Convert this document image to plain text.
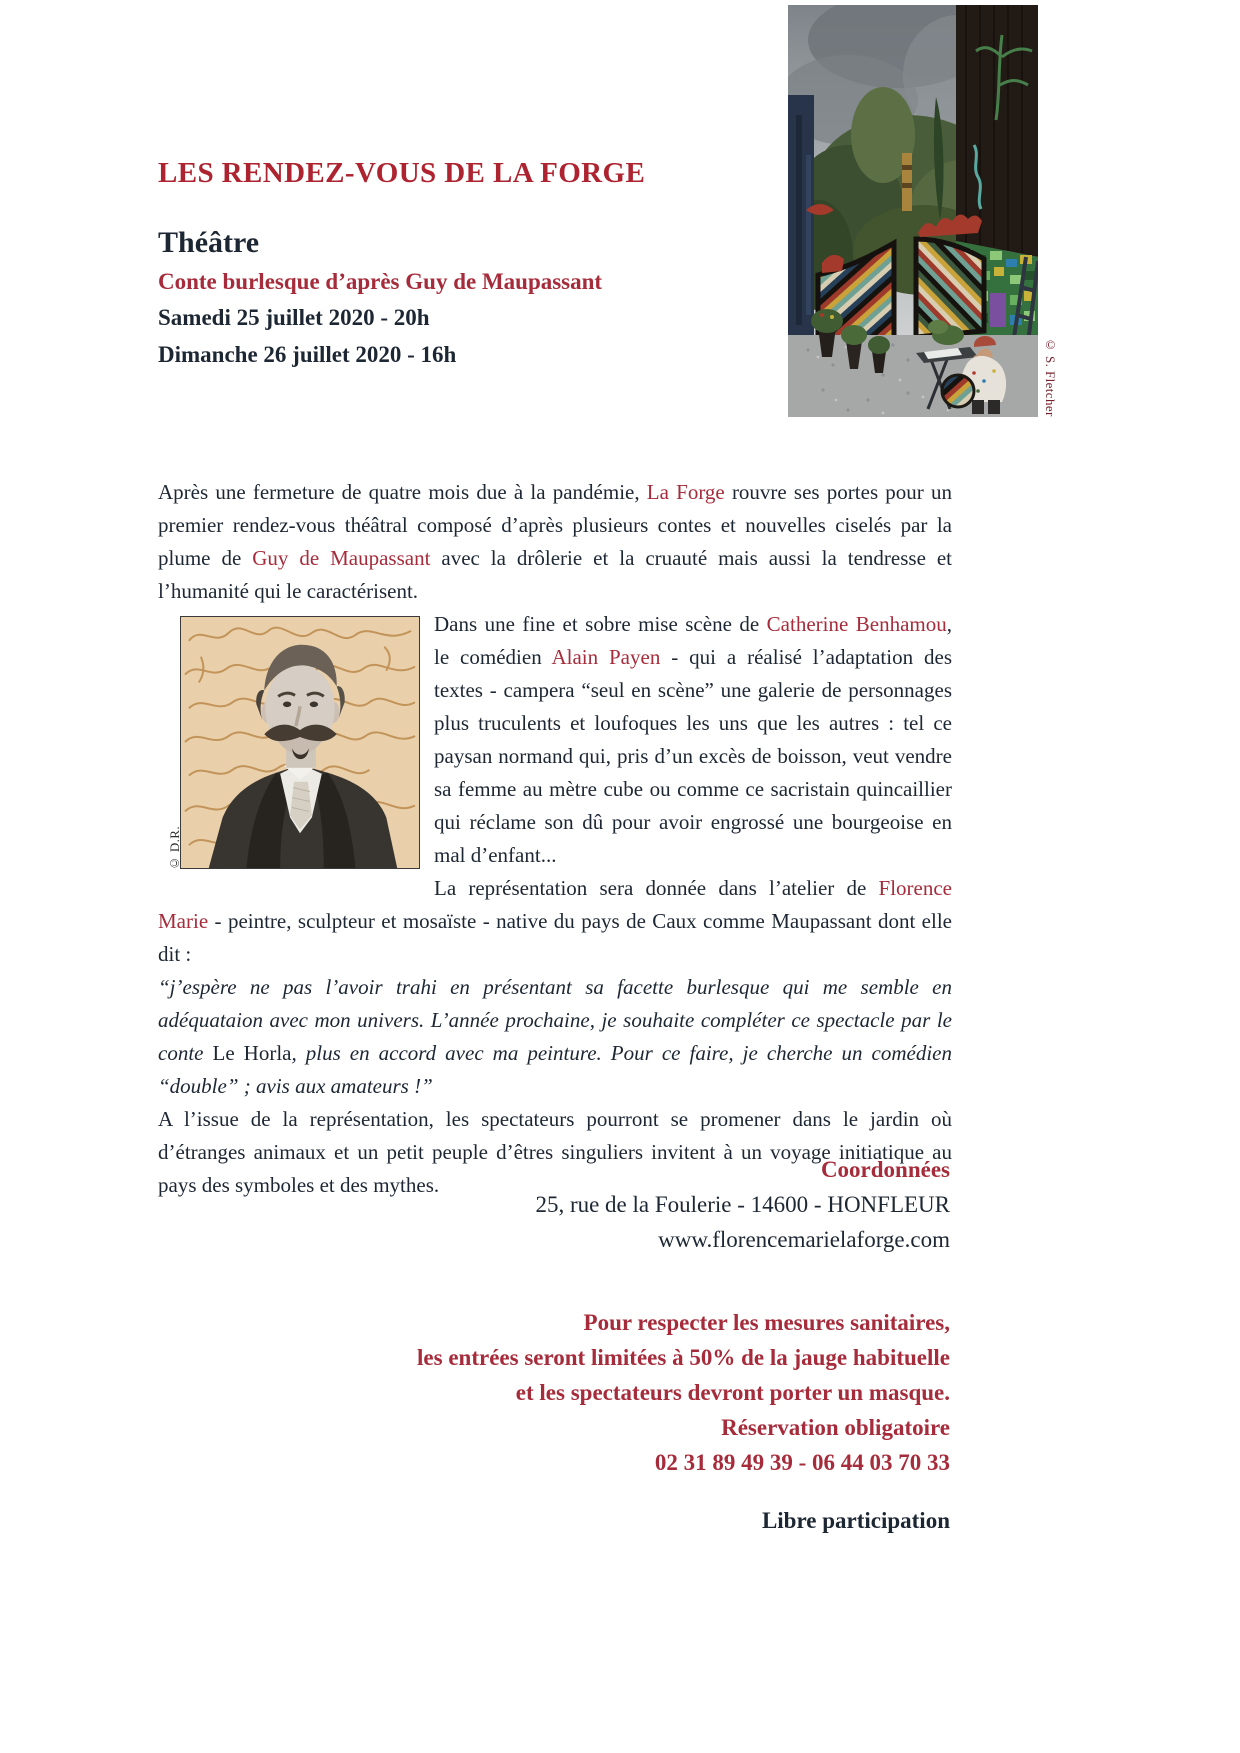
LES RENDEZ-VOUS DE LA FORGE
Théâtre
Conte burlesque d’après Guy de Maupassant
Samedi 25 juillet 2020 - 20h
Dimanche 26 juillet 2020 - 16h	© S. Fletcher

Après une fermeture de quatre mois due à la pandémie, La Forge rouvre ses portes pour un premier rendez-vous théâtral composé d’après plusieurs contes et nouvelles ciselés par la plume de Guy de Maupassant avec la drôlerie et la cruauté mais aussi la tendresse et l’humanité qui le caractérisent.

© D.R.
Dans une fine et sobre mise scène de Catherine Benhamou, le comédien Alain Payen - qui a réalisé l’adaptation des textes - campera “seul en scène” une galerie de personnages plus truculents et loufoques les uns que les autres : tel ce paysan normand qui, pris d’un excès de boisson, veut vendre sa femme au mètre cube ou comme ce sacristain quincaillier qui réclame son dû pour avoir engrossé une bourgeoise en mal d’enfant...
La représentation sera donnée dans l’atelier de Florence Marie - peintre, sculpteur et mosaïste - native du pays de Caux comme Maupassant dont elle dit :

“j’espère ne pas l’avoir trahi en présentant sa facette burlesque qui me semble en adéquataion avec mon univers. L’année prochaine, je souhaite compléter ce spectacle par le conte Le Horla, plus en accord avec ma peinture. Pour ce faire, je cherche un comédien “double” ; avis aux amateurs !”

A l’issue de la représentation, les spectateurs pourront se promener dans le jardin où d’étranges animaux et un petit peuple d’êtres singuliers invitent à un voyage initiatique au pays des symboles et des mythes.

Coordonnées
25, rue de la Foulerie - 14600 - HONFLEUR
www.florencemarielaforge.com
Pour respecter les mesures sanitaires,
les entrées seront limitées à 50% de la jauge habituelle
et les spectateurs devront porter un masque.
Réservation obligatoire
02 31 89 49 39 - 06 44 03 70 33
Libre participation
